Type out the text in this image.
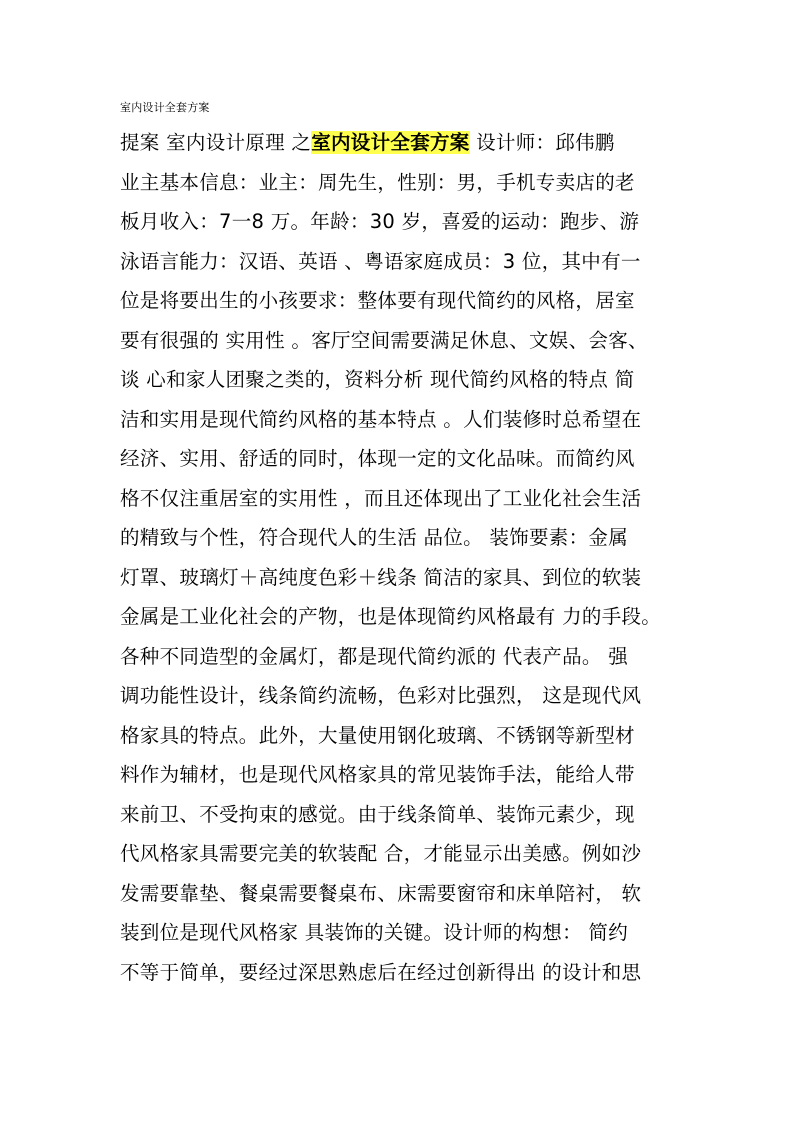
室内设计全套方案
提案 室内设计原理 之室内设计全套方案 设计师：邱伟鹏
业主基本信息：业主：周先生，性别：男，手机专卖店的老
板月收入：7一8 万。年龄：30 岁，喜爱的运动：跑步、游
泳语言能力：汉语、英语 、粤语家庭成员：3 位，其中有一
位是将要出生的小孩要求：整体要有现代简约的风格，居室
要有很强的 实用性 。客厅空间需要满足休息、文娱、会客、
谈 心和家人团聚之类的，资料分析 现代简约风格的特点 简
洁和实用是现代简约风格的基本特点 。人们装修时总希望在
经济、实用、舒适的同时，体现一定的文化品味。而简约风
格不仅注重居室的实用性 ，而且还体现出了工业化社会生活
的精致与个性，符合现代人的生活 品位。 装饰要素：金属
灯罩、玻璃灯＋高纯度色彩＋线条 简洁的家具、到位的软装
金属是工业化社会的产物，也是体现简约风格最有 力的手段。
各种不同造型的金属灯，都是现代简约派的 代表产品。 强
调功能性设计，线条简约流畅，色彩对比强烈， 这是现代风
格家具的特点。此外，大量使用钢化玻璃、不锈钢等新型材
料作为辅材，也是现代风格家具的常见装饰手法，能给人带
来前卫、不受拘束的感觉。由于线条简单、装饰元素少，现
代风格家具需要完美的软装配 合，才能显示出美感。例如沙
发需要靠垫、餐桌需要餐桌布、床需要窗帘和床单陪衬， 软
装到位是现代风格家 具装饰的关键。设计师的构想： 简约
不等于简单，要经过深思熟虑后在经过创新得出 的设计和思
